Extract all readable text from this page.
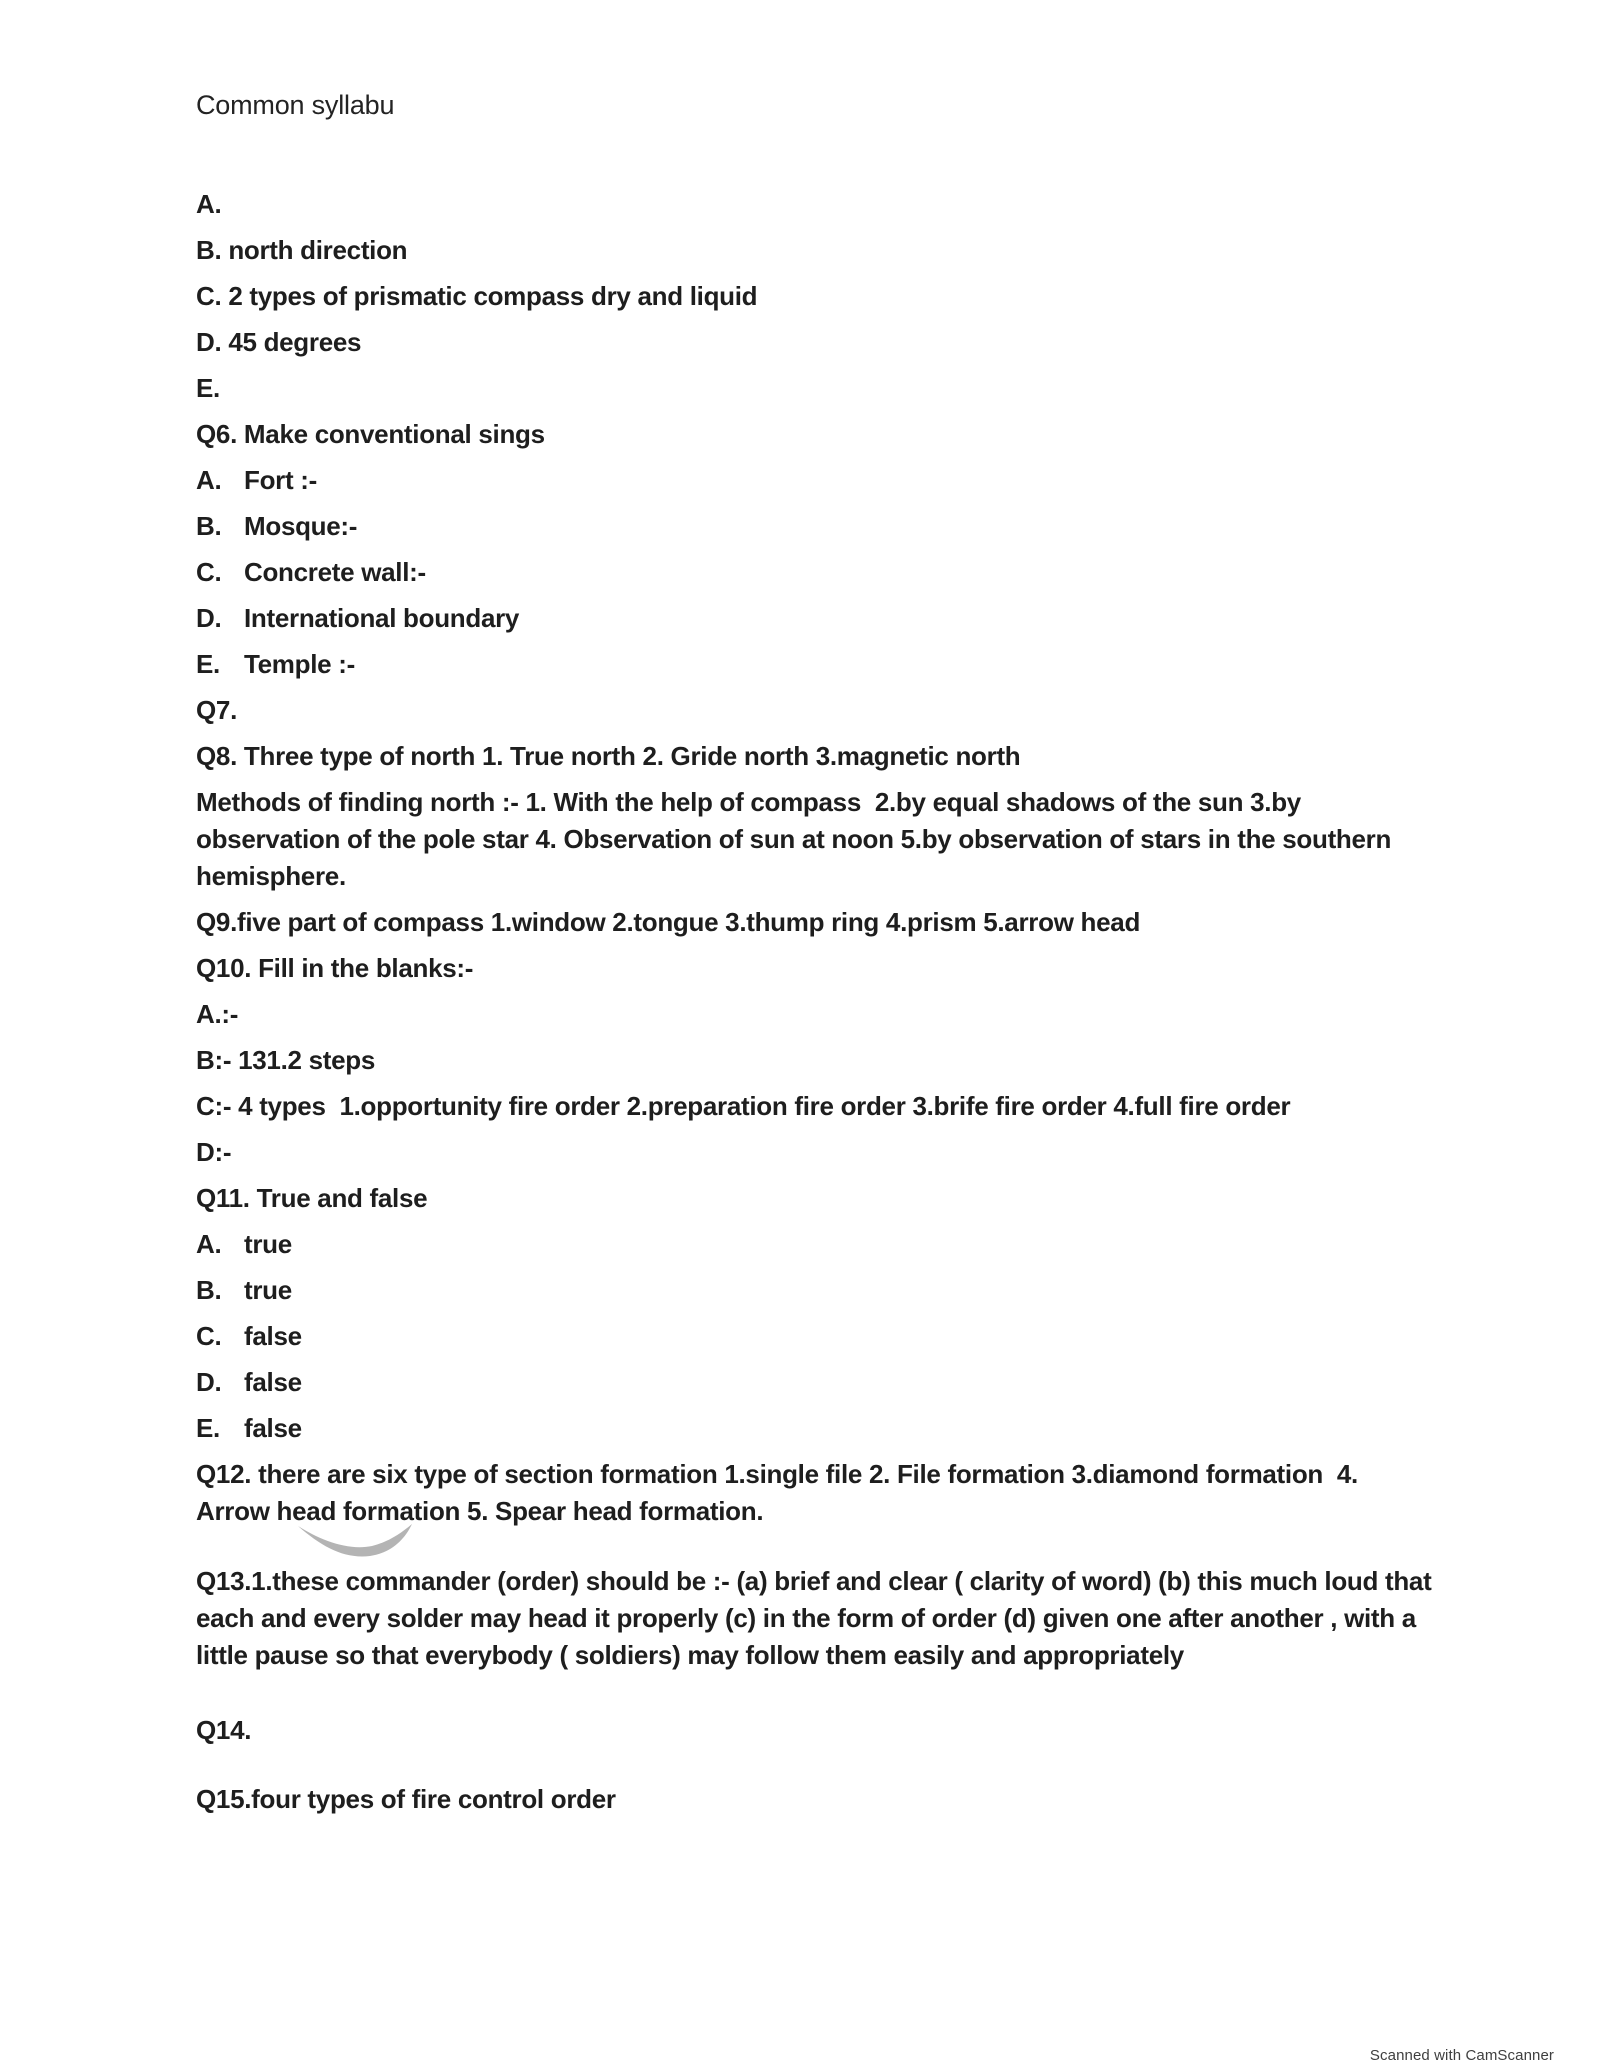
Common syllabu

A.

B. north direction

C. 2 types of prismatic compass dry and liquid

D. 45 degrees

E.

Q6. Make conventional sings

A. Fort :-

B. Mosque:-

C. Concrete wall:-

D. International boundary

E. Temple :-

Q7.

Q8. Three type of north 1. True north 2. Gride north 3.magnetic north

Methods of finding north :- 1. With the help of compass  2.by equal shadows of the sun 3.by observation of the pole star 4. Observation of sun at noon 5.by observation of stars in the southern hemisphere.

Q9.five part of compass 1.window 2.tongue 3.thump ring 4.prism 5.arrow head

Q10. Fill in the blanks:-

A.:-

B:- 131.2 steps

C:- 4 types  1.opportunity fire order 2.preparation fire order 3.brife fire order 4.full fire order

D:-

Q11. True and false

A. true

B. true

C. false

D. false

E. false

Q12. there are six type of section formation 1.single file 2. File formation 3.diamond formation  4. Arrow head formation 5. Spear head formation.

Q13.1.these commander (order) should be :- (a) brief and clear ( clarity of word) (b) this much loud that each and every solder may head it properly (c) in the form of order (d) given one after another , with a little pause so that everybody ( soldiers) may follow them easily and appropriately

Q14.

Q15.four types of fire control order

Scanned with CamScanner
